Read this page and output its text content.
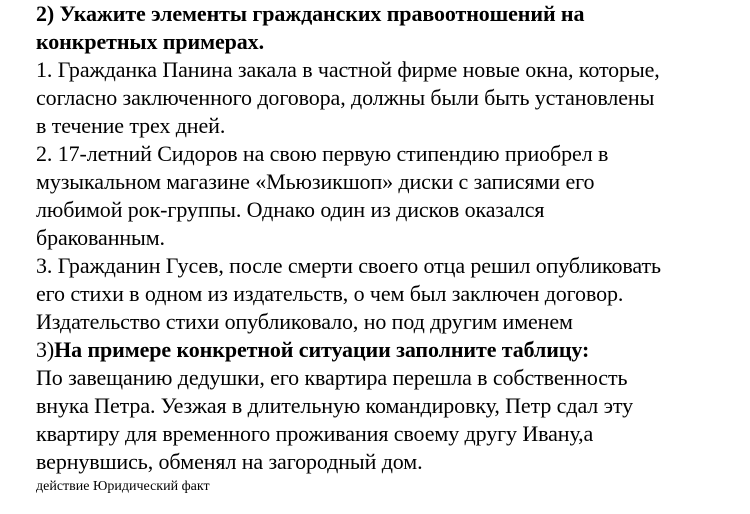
2) Укажите элементы гражданских правоотношений на
конкретных примерах.
1. Гражданка Панина закала в частной фирме новые окна, которые,
согласно заключенного договора, должны были быть установлены
в течение трех дней.
2. 17-летний Сидоров на свою первую стипендию приобрел в
музыкальном магазине «Мьюзикшоп» диски с записями его
любимой рок-группы. Однако один из дисков оказался
бракованным.
3. Гражданин Гусев, после смерти своего отца решил опубликовать
его стихи в одном из издательств, о чем был заключен договор.
Издательство стихи опубликовало, но под другим именем
3)На примере конкретной ситуации заполните таблицу:
По завещанию дедушки, его квартира перешла в собственность
внука Петра. Уезжая в длительную командировку, Петр сдал эту
квартиру для временного проживания своему другу Ивану,а
вернувшись, обменял на загородный дом.
действие Юридический факт
